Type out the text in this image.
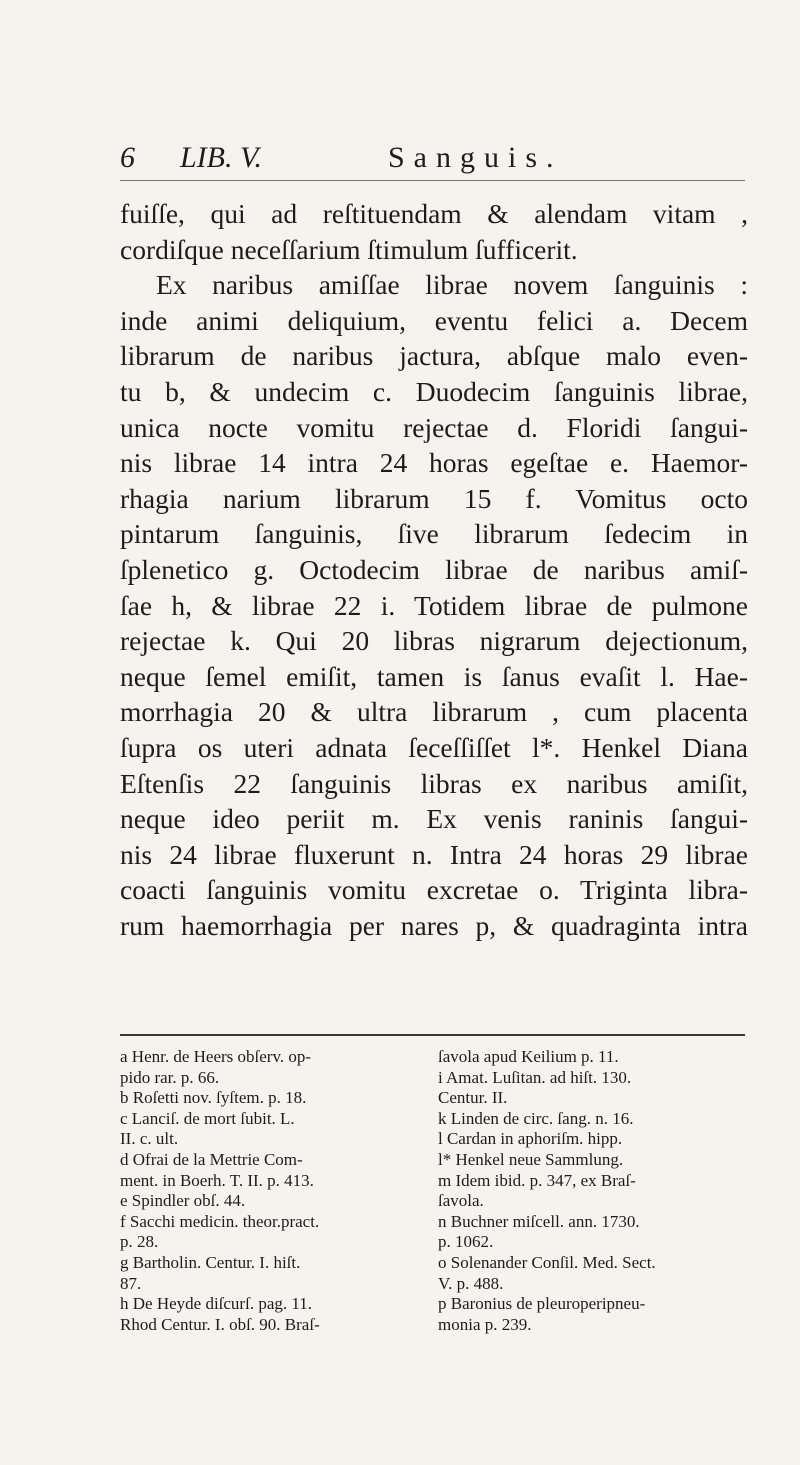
6 LIB. V.	Sanguis.

fuiſſe, qui ad reſtituendam & alendam vitam ,

cordiſque neceſſarium ſtimulum ſufficerit.

Ex naribus amiſſae librae novem ſanguinis :

inde animi deliquium, eventu felici a. Decem

librarum de naribus jactura, abſque malo even-

tu b, & undecim c. Duodecim ſanguinis librae,

unica nocte vomitu rejectae d. Floridi ſangui-

nis librae 14 intra 24 horas egeſtae e. Haemor-

rhagia narium librarum 15 f. Vomitus octo

pintarum ſanguinis, ſive librarum ſedecim in

ſplenetico g. Octodecim librae de naribus amiſ-

ſae h, & librae 22 i. Totidem librae de pulmone

rejectae k. Qui 20 libras nigrarum dejectionum,

neque ſemel emiſit, tamen is ſanus evaſit l. Hae-

morrhagia 20 & ultra librarum , cum placenta

ſupra os uteri adnata ſeceſſiſſet l*. Henkel Diana

Eſtenſis 22 ſanguinis libras ex naribus amiſit,

neque ideo periit m. Ex venis raninis ſangui-

nis 24 librae fluxerunt n. Intra 24 horas 29 librae

coacti ſanguinis vomitu excretae o. Triginta libra-

rum haemorrhagia per nares p, & quadraginta intra

a Henr. de Heers obſerv. op-
pido rar. p. 66.
b Roſetti nov. ſyſtem. p. 18.
c Lanciſ. de mort ſubit. L.
II. c. ult.
d Ofrai de la Mettrie Com-
ment. in Boerh. T. II. p. 413.
e Spindler obſ. 44.
f Sacchi medicin. theor.pract.
p. 28.
g Bartholin. Centur. I. hiſt.
87.
h De Heyde diſcurſ. pag. 11.
Rhod Centur. I. obſ. 90. Braſ-
ſavola apud Keilium p. 11.
i Amat. Luſitan. ad hiſt. 130.
Centur. II.
k Linden de circ. ſang. n. 16.
l Cardan in aphoriſm. hipp.
l* Henkel neue Sammlung.
m Idem ibid. p. 347, ex Braſ-
ſavola.
n Buchner miſcell. ann. 1730.
p. 1062.
o Solenander Conſil. Med. Sect.
V. p. 488.
p Baronius de pleuroperipneu-
monia p. 239.
